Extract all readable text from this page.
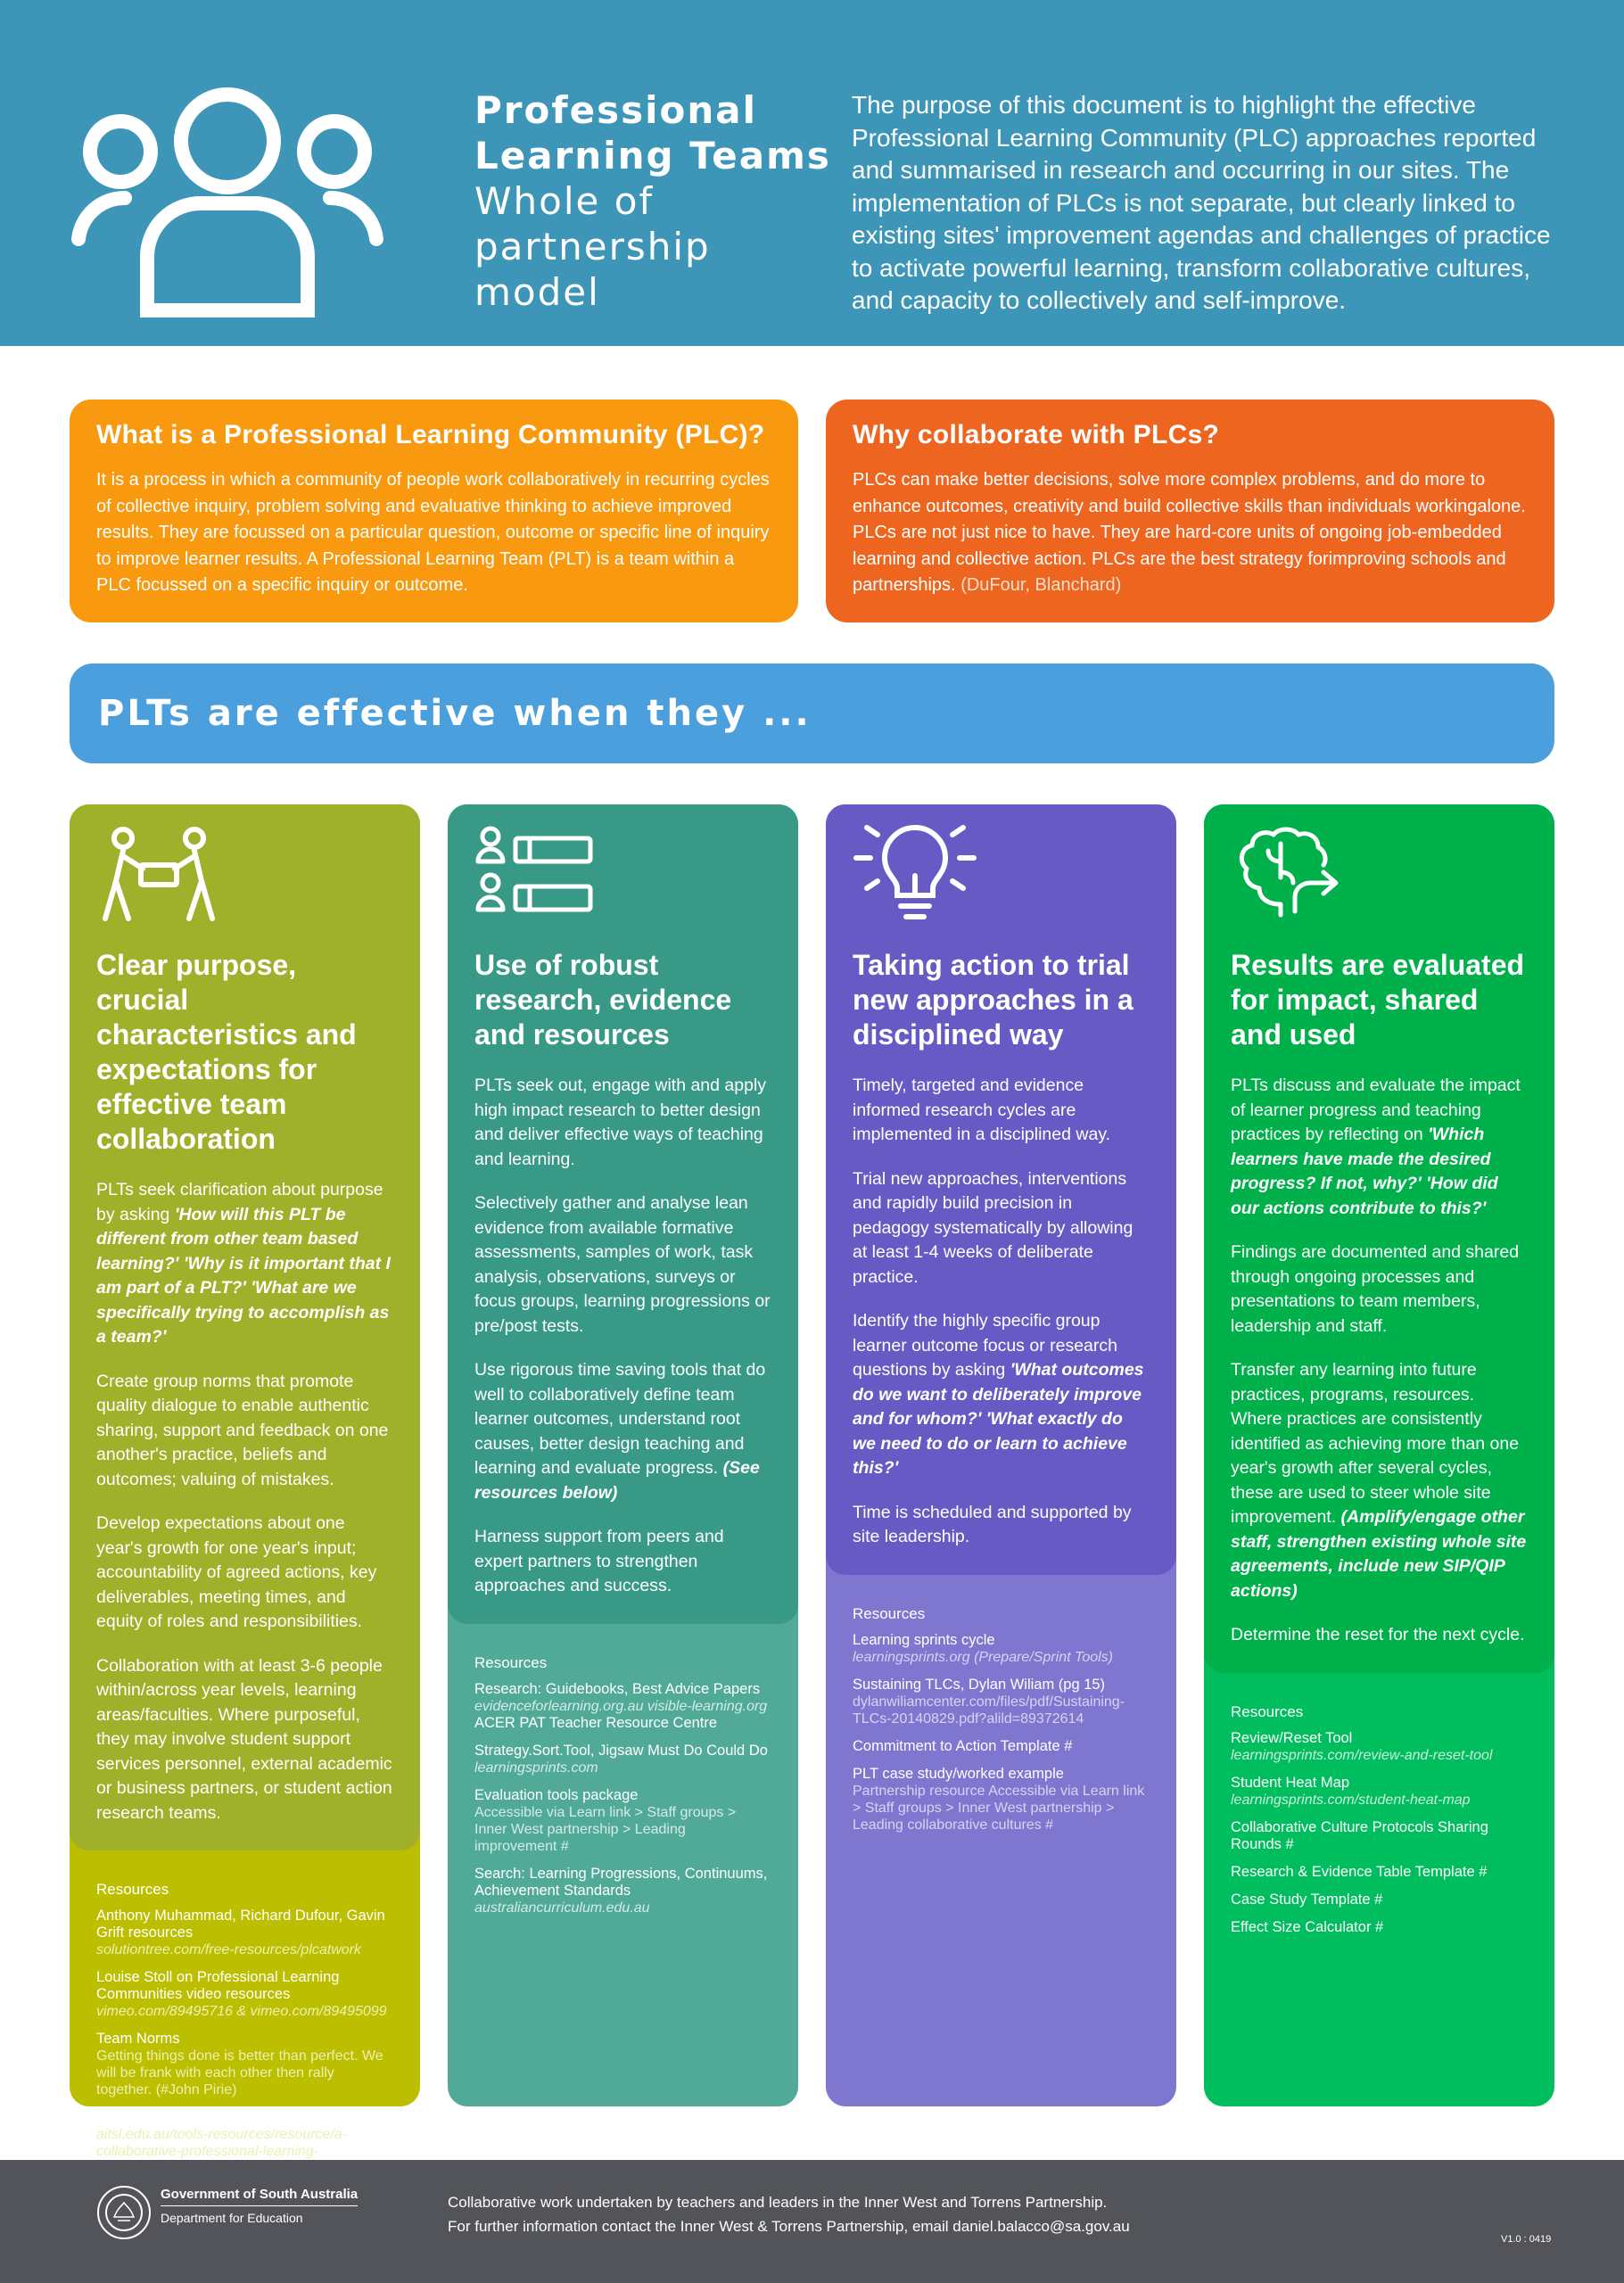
Professional Learning Teams
Whole of partnership model
The purpose of this document is to highlight the effective Professional Learning Community (PLC) approaches reported and summarised in research and occurring in our sites. The implementation of PLCs is not separate, but clearly linked to existing sites' improvement agendas and challenges of practice to activate powerful learning, transform collaborative cultures, and capacity to collectively and self-improve.
What is a Professional Learning Community (PLC)?

It is a process in which a community of people work collaboratively in recurring cycles of collective inquiry, problem solving and evaluative thinking to achieve improved results. They are focussed on a particular question, outcome or specific line of inquiry to improve learner results. A Professional Learning Team (PLT) is a team within a PLC focussed on a specific inquiry or outcome.

Why collaborate with PLCs?

PLCs can make better decisions, solve more complex problems, and do more to enhance outcomes, creativity and build collective skills than individuals workingalone. PLCs are not just nice to have. They are hard-core units of ongoing job-embedded learning and collective action. PLCs are the best strategy forimproving schools and partnerships. (DuFour, Blanchard)

PLTs are effective when they ...
Clear purpose, crucial characteristics and expectations for effective team collaboration
PLTs seek clarification about purpose by asking 'How will this PLT be different from other team based learning?' 'Why is it important that I am part of a PLT?' 'What are we specifically trying to accomplish as a team?'
Create group norms that promote quality dialogue to enable authentic sharing, support and feedback on one another's practice, beliefs and outcomes; valuing of mistakes.
Develop expectations about one year's growth for one year's input; accountability of agreed actions, key deliverables, meeting times, and equity of roles and responsibilities.
Collaboration with at least 3-6 people within/across year levels, learning areas/faculties. Where purposeful, they may involve student support services personnel, external academic or business partners, or student action research teams.
Resources
Anthony Muhammad, Richard Dufour, Gavin Grift resources
solutiontree.com/free-resources/plcatwork
Louise Stoll on Professional Learning Communities video resources
vimeo.com/89495716 & vimeo.com/89495099
Team Norms
Getting things done is better than perfect. We will be frank with each other then rally together. (#John Pirie)
AITSL
aitsl.edu.au/tools-resources/resource/a-collaborative-professional-learning-
Use of robust research, evidence and resources
PLTs seek out, engage with and apply high impact research to better design and deliver effective ways of teaching and learning.
Selectively gather and analyse lean evidence from available formative assessments, samples of work, task analysis, observations, surveys or focus groups, learning progressions or pre/post tests.
Use rigorous time saving tools that do well to collaboratively define team learner outcomes, understand root causes, better design teaching and learning and evaluate progress. (See resources below)
Harness support from peers and expert partners to strengthen approaches and success.
Resources
Research: Guidebooks, Best Advice Papers
evidenceforlearning.org.au visible-learning.org
ACER PAT Teacher Resource Centre
Strategy.Sort.Tool, Jigsaw Must Do Could Do
learningsprints.com
Evaluation tools package
Accessible via Learn link > Staff groups > Inner West partnership > Leading improvement #
Search: Learning Progressions, Continuums, Achievement Standards
australiancurriculum.edu.au
Taking action to trial new approaches in a disciplined way
Timely, targeted and evidence informed research cycles are implemented in a disciplined way.
Trial new approaches, interventions and rapidly build precision in pedagogy systematically by allowing at least 1-4 weeks of deliberate practice.
Identify the highly specific group learner outcome focus or research questions by asking 'What outcomes do we want to deliberately improve and for whom?' 'What exactly do we need to do or learn to achieve this?'
Time is scheduled and supported by site leadership.
Resources
Learning sprints cycle
learningsprints.org (Prepare/Sprint Tools)
Sustaining TLCs, Dylan Wiliam (pg 15)
dylanwiliamcenter.com/files/pdf/Sustaining-TLCs-20140829.pdf?alild=89372614
Commitment to Action Template #
PLT case study/worked example
Partnership resource Accessible via Learn link > Staff groups > Inner West partnership > Leading collaborative cultures #
Results are evaluated for impact, shared and used
PLTs discuss and evaluate the impact of learner progress and teaching practices by reflecting on 'Which learners have made the desired progress? If not, why?' 'How did our actions contribute to this?'
Findings are documented and shared through ongoing processes and presentations to team members, leadership and staff.
Transfer any learning into future practices, programs, resources. Where practices are consistently identified as achieving more than one year's growth after several cycles, these are used to steer whole site improvement. (Amplify/engage other staff, strengthen existing whole site agreements, include new SIP/QIP actions)
Determine the reset for the next cycle.
Resources
Review/Reset Tool
learningsprints.com/review-and-reset-tool
Student Heat Map
learningsprints.com/student-heat-map
Collaborative Culture Protocols Sharing Rounds #
Research & Evidence Table Template #
Case Study Template #
Effect Size Calculator #
Government of South Australia
Department for Education
Collaborative work undertaken by teachers and leaders in the Inner West and Torrens Partnership.
For further information contact the Inner West & Torrens Partnership, email daniel.balacco@sa.gov.au
V1.0 : 0419
